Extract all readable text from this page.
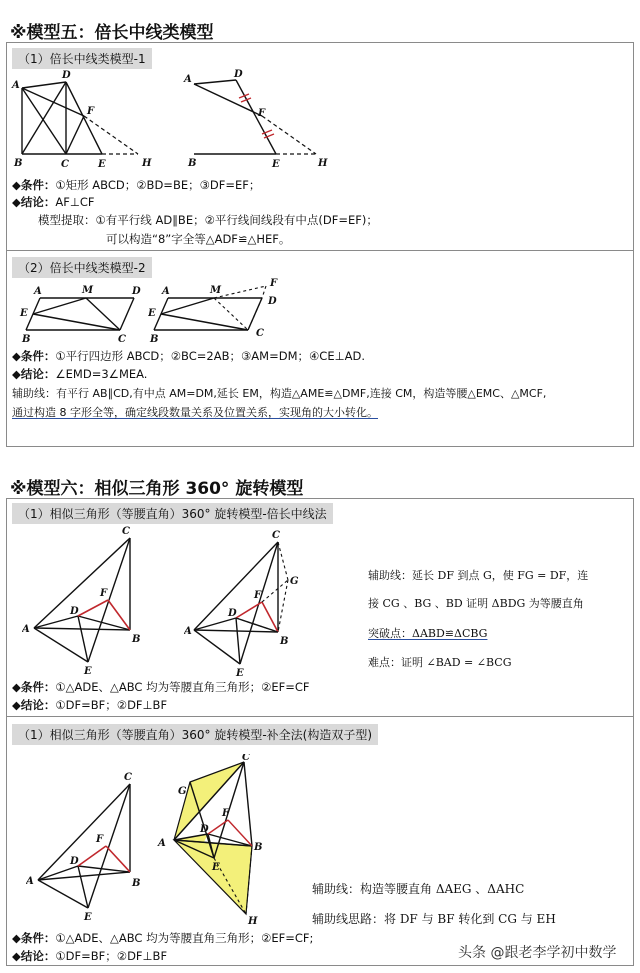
※模型五：倍长中线类模型
（1）倍长中线类模型-1
A
D
F
B	C	E	H
A	D
F
B	E	H
◆条件：①矩形 ABCD；②BD=BE；③DF=EF；
◆结论：AF⊥CF
模型提取：①有平行线 AD∥BE；②平行线间线段有中点(DF=EF)；
可以构造“8”字全等△ADF≌△HEF。
（2）倍长中线类模型-2
A	M	D
E
B	C
A	M
F
D
E
B
C
◆条件：①平行四边形 ABCD；②BC=2AB；③AM=DM；④CE⊥AD.
◆结论：∠EMD=3∠MEA.
辅助线：有平行 AB∥CD,有中点 AM=DM,延长 EM，构造△AME≌△DMF,连接 CM，构造等腰△EMC、△MCF,
通过构造 8 字形全等，确定线段数量关系及位置关系，实现角的大小转化。
※模型六：相似三角形 360° 旋转模型
（1）相似三角形（等腰直角）360° 旋转模型-倍长中线法
A
C
D
F
B
E
A
C
G
D
F
B
E
辅助线：延长 DF 到点 G，使 FG = DF，连
接 CG 、BG 、BD 证明 ΔBDG 为等腰直角
突破点：ΔABD≌ΔCBG
难点：证明 ∠BAD = ∠BCG
◆条件：①△ADE、△ABC 均为等腰直角三角形；②EF=CF
◆结论：①DF=BF；②DF⊥BF
（1）相似三角形（等腰直角）360° 旋转模型-补全法(构造双子型)
A
C
D
F
B
E
G
C
A
D
F
B
E
H
辅助线：构造等腰直角 ΔAEG 、ΔAHC
辅助线思路：将 DF 与 BF 转化到 CG 与 EH
◆条件：①△ADE、△ABC 均为等腰直角三角形；②EF=CF;
◆结论：①DF=BF；②DF⊥BF	头条 @跟老李学初中数学
